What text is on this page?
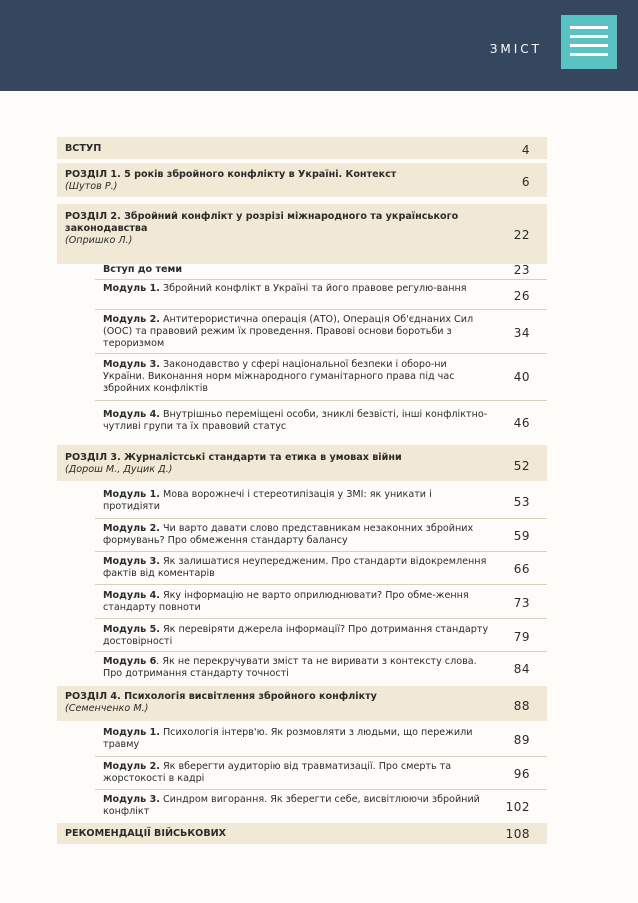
ЗМІСТ
ВСТУП	4
РОЗДІЛ 1. 5 років збройного конфлікту в Україні. Контекст
(Шутов Р.)	6
РОЗДІЛ 2. Збройний конфлікт у розрізі міжнародного та українського законодавства
(Опришко Л.)	22
Вступ до теми	23
Модуль 1. Збройний конфлікт в Україні та його правове регулю-вання
26
Модуль 2. Антитерористична операція (АТО), Операція Об'єднаних Сил (ООС) та правовий режим їх проведення. Правові основи боротьби з тероризмом
34
Модуль 3. Законодавство у сфері національної безпеки і оборо-ни України. Виконання норм міжнародного гуманітарного права під час збройних конфліктів
40
Модуль 4. Внутрішньо переміщені особи, зниклі безвісті, інші конфліктно-чутливі групи та їх правовий статус	46
РОЗДІЛ 3. Журналістські стандарти та етика в умовах війни
(Дорош М., Дуцик Д.)	52
Модуль 1. Мова ворожнечі і стереотипізація у ЗМІ: як уникати і протидіяти	53
Модуль 2. Чи варто давати слово представникам незаконних збройних формувань? Про обмеження стандарту балансу	59
Модуль 3. Як залишатися неупередженим. Про стандарти відокремлення фактів від коментарів	66
Модуль 4. Яку інформацію не варто оприлюднювати? Про обме-ження стандарту повноти	73
Модуль 5. Як перевіряти джерела інформації? Про дотримання стандарту достовірності	79
Модуль 6. Як не перекручувати зміст та не виривати з контексту слова. Про дотримання стандарту точності	84
РОЗДІЛ 4. Психологія висвітлення збройного конфлікту
(Семенченко М.)	88
Модуль 1. Психологія інтерв'ю. Як розмовляти з людьми, що пережили травму	89
Модуль 2. Як вберегти аудиторію від травматизації. Про смерть та жорстокості в кадрі	96
Модуль 3. Синдром вигорання. Як зберегти себе, висвітлюючи збройний конфлікт	102
РЕКОМЕНДАЦІЇ ВІЙСЬКОВИХ	108
